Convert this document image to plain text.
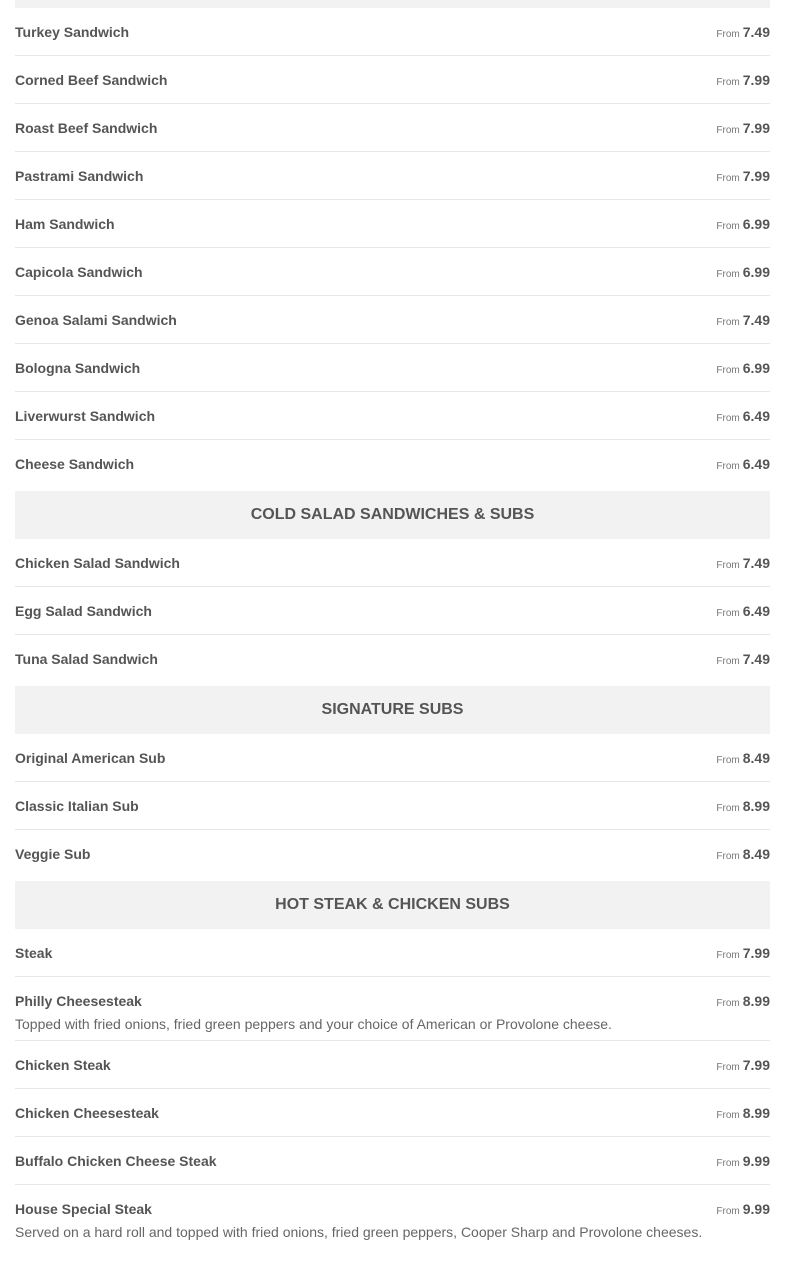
Turkey Sandwich	From 7.49
Corned Beef Sandwich	From 7.99
Roast Beef Sandwich	From 7.99
Pastrami Sandwich	From 7.99
Ham Sandwich	From 6.99
Capicola Sandwich	From 6.99
Genoa Salami Sandwich	From 7.49
Bologna Sandwich	From 6.99
Liverwurst Sandwich	From 6.49
Cheese Sandwich	From 6.49
COLD SALAD SANDWICHES & SUBS
Chicken Salad Sandwich	From 7.49
Egg Salad Sandwich	From 6.49
Tuna Salad Sandwich	From 7.49
SIGNATURE SUBS
Original American Sub	From 8.49
Classic Italian Sub	From 8.99
Veggie Sub	From 8.49
HOT STEAK & CHICKEN SUBS
Steak	From 7.99
Philly Cheesesteak	From 8.99
Topped with fried onions, fried green peppers and your choice of American or Provolone cheese.
Chicken Steak	From 7.99
Chicken Cheesesteak	From 8.99
Buffalo Chicken Cheese Steak	From 9.99
House Special Steak	From 9.99
Served on a hard roll and topped with fried onions, fried green peppers, Cooper Sharp and Provolone cheeses.
